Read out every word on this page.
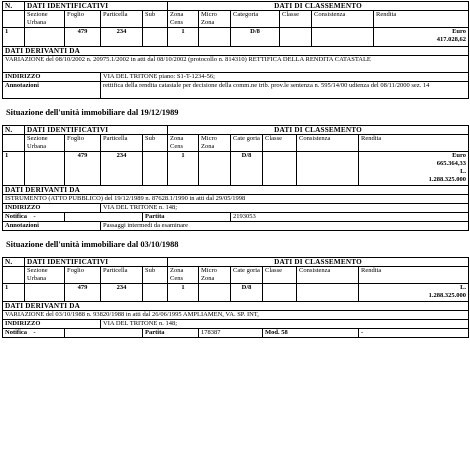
N.	DATI IDENTIFICATIVI				DATI DI CLASSEMENTO					
	Sezione Urbana	Foglio	Particella	Sub	Zona Cens	Micro Zona	Categoria	Classe	Consistenza	Rendita
1		479	234		1		D/8			Euro
417.028,62

DATI DERIVANTI DA										
VARIAZIONE del 08/10/2002 n. 20975.1/2002 in atti dal 08/10/2002 (protocollo n. 814310) RETTIFICA DELLA RENDITA CATASTALE										
INDIRIZZO			VIA DEL TRITONE piano: S1-T-1234-56;							
Annotazioni			rettifica della rendita catastale per decisione della comm.ne trib. prov.le sentenza n. 595/14/00 udienza del 08/11/2000 sez. 14							
Situazione dell'unità immobiliare dal 19/12/1989
N.	DATI IDENTIFICATIVI				DATI DI CLASSEMENTO					
	Sezione Urbana	Foglio	Particella	Sub	Zona Cens	Micro Zona	Cate goria	Classe	Consistenza	Rendita
1		479	234		1		D/8			Euro
665.364,33
L.
1.288.325.000

DATI DERIVANTI DA										
ISTRUMENTO (ATTO PUBBLICO) del 19/12/1989 n. 87628.1/1990 in atti dal 29/05/1998										
INDIRIZZO			VIA DEL TRITONE n. 148;							
Notifica -				Partita			2193053			
Annotazioni			Passaggi intermedi da esaminare							
Situazione dell'unità immobiliare dal 03/10/1988
N.	DATI IDENTIFICATIVI				DATI DI CLASSEMENTO					
	Sezione Urbana	Foglio	Particella	Sub	Zona Cens	Micro Zona	Cate goria	Classe	Consistenza	Rendita
1		479	234		1		D/8			L.
1.288.325.000

DATI DERIVANTI DA										
VARIAZIONE del 03/10/1988 n. 93820/1988 in atti dal 26/06/1995 AMPLIAMEN, VA. SP. INT,										
INDIRIZZO			VIA DEL TRITONE n. 148;							
Notifica -				Partita		178387		Mod. 58		-
